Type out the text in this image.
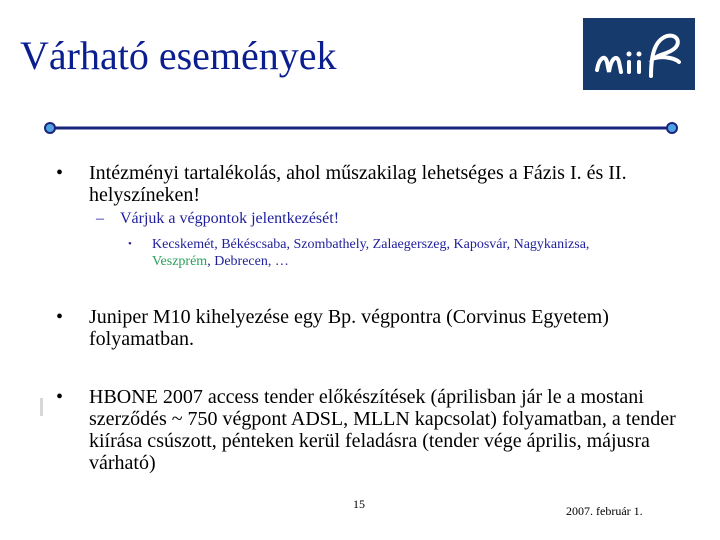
Várható események
•	Intézményi tartalékolás, ahol műszakilag lehetséges a Fázis I. és II. helyszíneken!
–	Várjuk a végpontok jelentkezését!
•	Kecskemét, Békéscsaba, Szombathely, Zalaegerszeg, Kaposvár, Nagykanizsa, Veszprém, Debrecen, …
•	Juniper M10 kihelyezése egy Bp. végpontra (Corvinus Egyetem) folyamatban.
•	HBONE 2007 access tender előkészítések (áprilisban jár le a mostani szerződés ~ 750 végpont ADSL, MLLN kapcsolat) folyamatban, a tender kiírása csúszott, pénteken kerül feladásra (tender vége április, májusra várható)
15	2007. február 1.
